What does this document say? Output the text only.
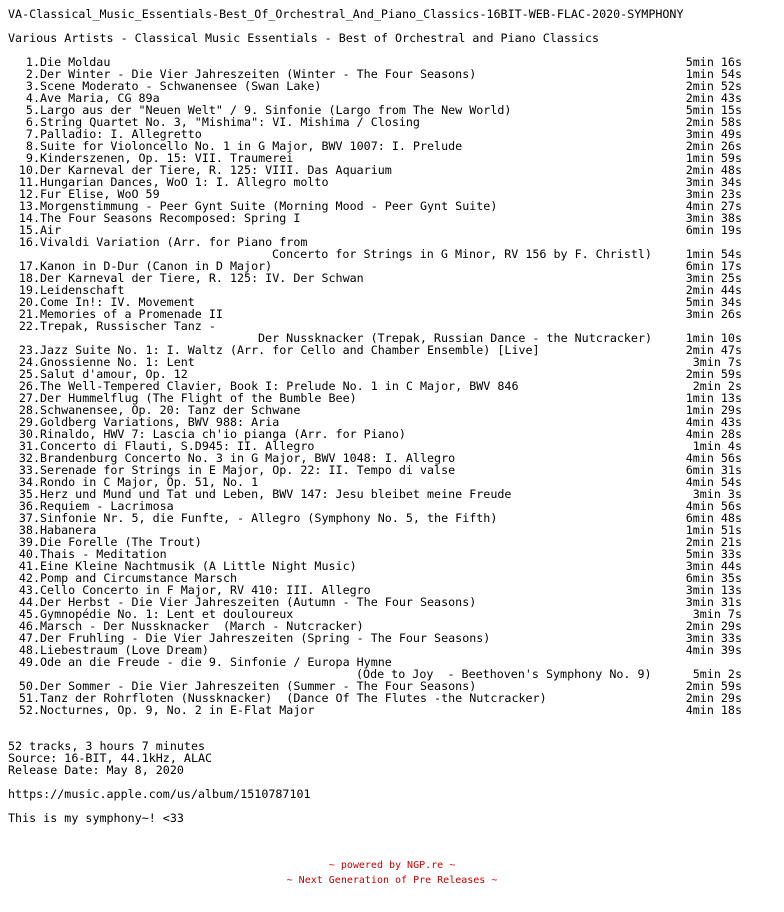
VA-Classical_Music_Essentials-Best_Of_Orchestral_And_Piano_Classics-16BIT-WEB-FLAC-2020-SYMPHONY
Various Artists - Classical Music Essentials - Best of Orchestral and Piano Classics
1. Die Moldau	5min 16s
2. Der Winter - Die Vier Jahreszeiten (Winter - The Four Seasons)	1min 54s
3. Scene Moderato - Schwanensee (Swan Lake)	2min 52s
4. Ave Maria, CG 89a	2min 43s
5. Largo aus der "Neuen Welt" / 9. Sinfonie (Largo from The New World)	5min 15s
6. String Quartet No. 3, "Mishima": VI. Mishima / Closing	2min 58s
7. Palladio: I. Allegretto	3min 49s
8. Suite for Violoncello No. 1 in G Major, BWV 1007: I. Prelude	2min 26s
9. Kinderszenen, Op. 15: VII. Traumerei	1min 59s
10. Der Karneval der Tiere, R. 125: VIII. Das Aquarium	2min 48s
11. Hungarian Dances, WoO 1: I. Allegro molto	3min 34s
12. Fur Elise, WoO 59	3min 23s
13. Morgenstimmung - Peer Gynt Suite (Morning Mood - Peer Gynt Suite)	4min 27s
14. The Four Seasons Recomposed: Spring I	3min 38s
15. Air	6min 19s
16. Vivaldi Variation (Arr. for Piano from
Concerto for Strings in G Minor, RV 156 by F. Christl)	1min 54s
17. Kanon in D-Dur (Canon in D Major)	6min 17s
18. Der Karneval der Tiere, R. 125: IV. Der Schwan	3min 25s
19. Leidenschaft	2min 44s
20. Come In!: IV. Movement	5min 34s
21. Memories of a Promenade II	3min 26s
22. Trepak, Russischer Tanz -
Der Nussknacker (Trepak, Russian Dance - the Nutcracker)	1min 10s
23. Jazz Suite No. 1: I. Waltz (Arr. for Cello and Chamber Ensemble) [Live]	2min 47s
24. Gnossienne No. 1: Lent	3min 7s
25. Salut d'amour, Op. 12	2min 59s
26. The Well-Tempered Clavier, Book I: Prelude No. 1 in C Major, BWV 846	2min 2s
27. Der Hummelflug (The Flight of the Bumble Bee)	1min 13s
28. Schwanensee, Op. 20: Tanz der Schwane	1min 29s
29. Goldberg Variations, BWV 988: Aria	4min 43s
30. Rinaldo, HWV 7: Lascia ch'io pianga (Arr. for Piano)	4min 28s
31. Concerto di Flauti, S.D945: II. Allegro	1min 4s
32. Brandenburg Concerto No. 3 in G Major, BWV 1048: I. Allegro	4min 56s
33. Serenade for Strings in E Major, Op. 22: II. Tempo di valse	6min 31s
34. Rondo in C Major, Op. 51, No. 1	4min 54s
35. Herz und Mund und Tat und Leben, BWV 147: Jesu bleibet meine Freude	3min 3s
36. Requiem - Lacrimosa	4min 56s
37. Sinfonie Nr. 5, die Funfte, - Allegro (Symphony No. 5, the Fifth)	6min 48s
38. Habanera	1min 51s
39. Die Forelle (The Trout)	2min 21s
40. Thais - Meditation	5min 33s
41. Eine Kleine Nachtmusik (A Little Night Music)	3min 44s
42. Pomp and Circumstance Marsch	6min 35s
43. Cello Concerto in F Major, RV 410: III. Allegro	3min 13s
44. Der Herbst - Die Vier Jahreszeiten (Autumn - The Four Seasons)	3min 31s
45. Gymnopédie No. 1: Lent et douloureux	3min 7s
46. Marsch - Der Nussknacker  (March - Nutcracker)	2min 29s
47. Der Fruhling - Die Vier Jahreszeiten (Spring - The Four Seasons)	3min 33s
48. Liebestraum (Love Dream)	4min 39s
49. Ode an die Freude - die 9. Sinfonie / Europa Hymne
(Ode to Joy  - Beethoven's Symphony No. 9)	5min 2s
50. Der Sommer - Die Vier Jahreszeiten (Summer - The Four Seasons)	2min 59s
51. Tanz der Rohrfloten (Nussknacker)  (Dance Of The Flutes -the Nutcracker)	2min 29s
52. Nocturnes, Op. 9, No. 2 in E-Flat Major	4min 18s
52 tracks, 3 hours 7 minutes
Source: 16-BIT, 44.1kHz, ALAC
Release Date: May 8, 2020
https://music.apple.com/us/album/1510787101
This is my symphony~! <33
~ powered by NGP.re ~
~ Next Generation of Pre Releases ~
